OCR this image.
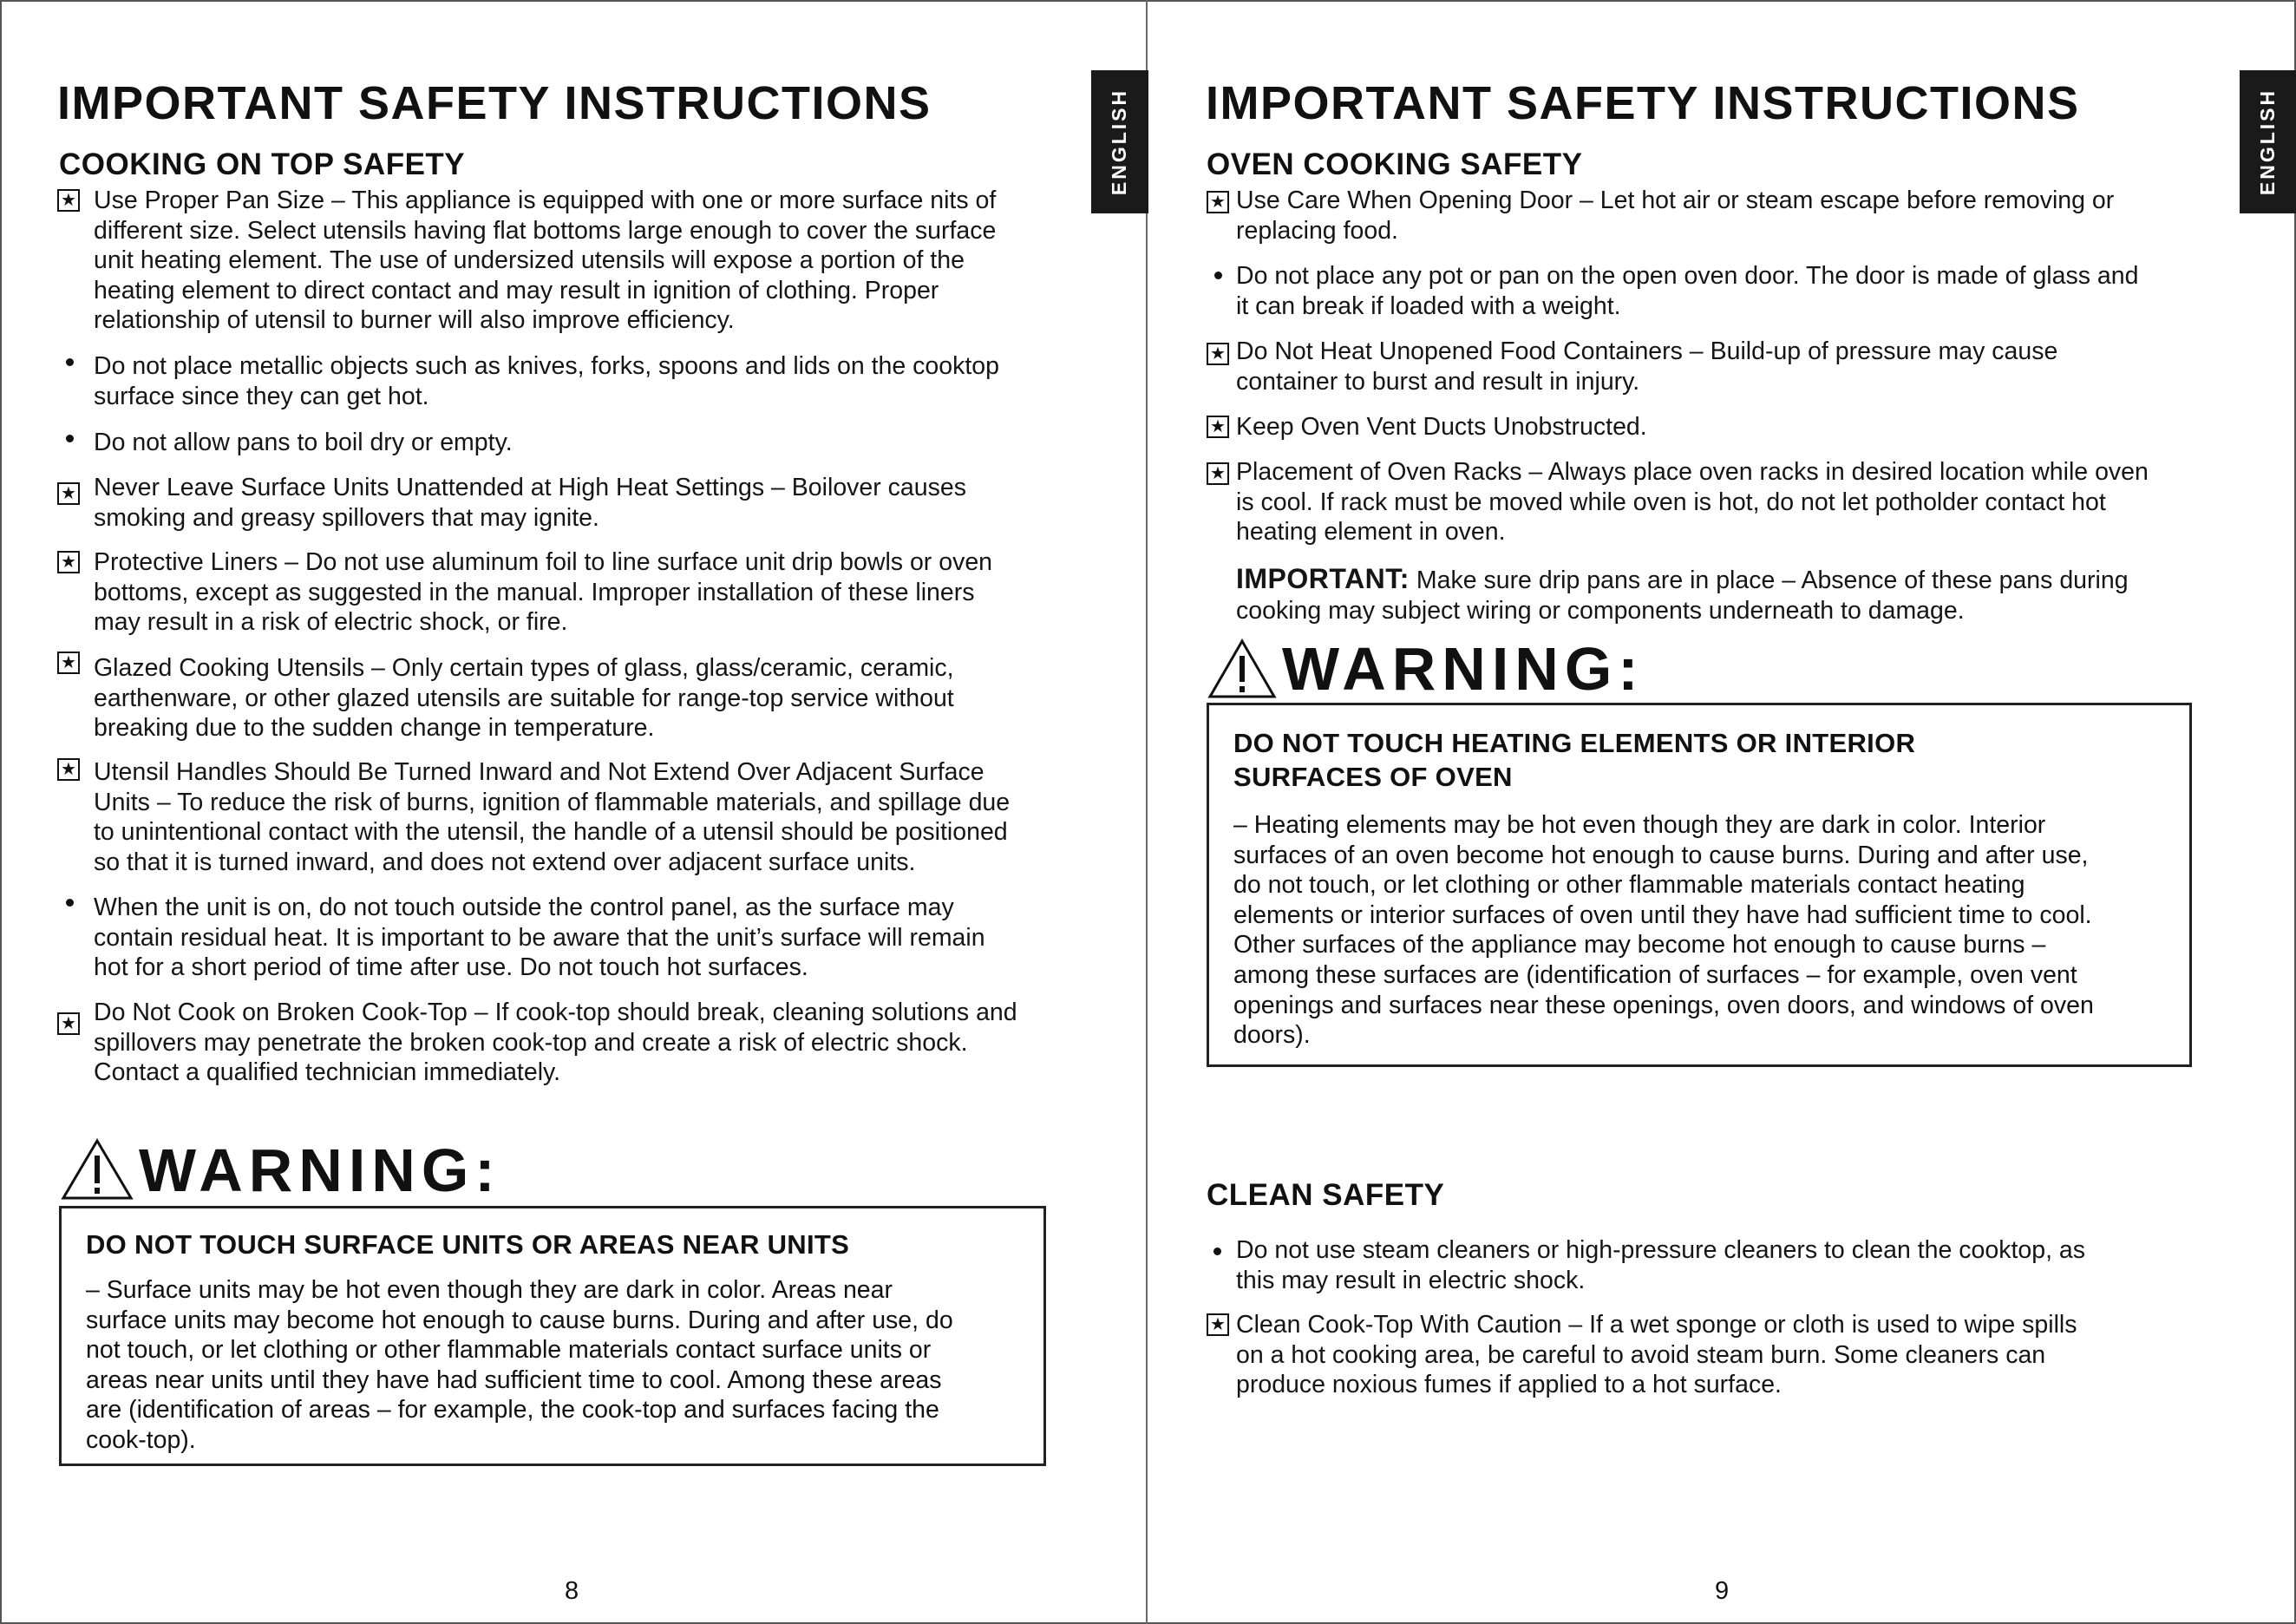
ENGLISH
IMPORTANT SAFETY INSTRUCTIONS
COOKING ON TOP SAFETY
★ Use Proper Pan Size – This appliance is equipped with one or more surface nits of
different size. Select utensils having flat bottoms large enough to cover the surface
unit heating element. The use of undersized utensils will expose a portion of the
heating element to direct contact and may result in ignition of clothing. Proper
relationship of utensil to burner will also improve efficiency.
Do not place metallic objects such as knives, forks, spoons and lids on the cooktop
surface since they can get hot.
Do not allow pans to boil dry or empty.
★ Never Leave Surface Units Unattended at High Heat Settings – Boilover causes
smoking and greasy spillovers that may ignite.
★ Protective Liners – Do not use aluminum foil to line surface unit drip bowls or oven
bottoms, except as suggested in the manual. Improper installation of these liners
may result in a risk of electric shock, or fire.
★ Glazed Cooking Utensils – Only certain types of glass, glass/ceramic, ceramic,
earthenware, or other glazed utensils are suitable for range-top service without
breaking due to the sudden change in temperature.
★ Utensil Handles Should Be Turned Inward and Not Extend Over Adjacent Surface
Units – To reduce the risk of burns, ignition of flammable materials, and spillage due
to unintentional contact with the utensil, the handle of a utensil should be positioned
so that it is turned inward, and does not extend over adjacent surface units.
When the unit is on, do not touch outside the control panel, as the surface may
contain residual heat. It is important to be aware that the unit’s surface will remain
hot for a short period of time after use. Do not touch hot surfaces.
★ Do Not Cook on Broken Cook-Top – If cook-top should break, cleaning solutions and
spillovers may penetrate the broken cook-top and create a risk of electric shock.
Contact a qualified technician immediately.
WARNING:
DO NOT TOUCH SURFACE UNITS OR AREAS NEAR UNITS
– Surface units may be hot even though they are dark in color. Areas near
surface units may become hot enough to cause burns. During and after use, do
not touch, or let clothing or other flammable materials contact surface units or
areas near units until they have had sufficient time to cool. Among these areas
are (identification of areas – for example, the cook-top and surfaces facing the
cook-top).
8
ENGLISH
IMPORTANT SAFETY INSTRUCTIONS
OVEN COOKING SAFETY
★ Use Care When Opening Door – Let hot air or steam escape before removing or
replacing food.
Do not place any pot or pan on the open oven door. The door is made of glass and
it can break if loaded with a weight.
★ Do Not Heat Unopened Food Containers – Build-up of pressure may cause
container to burst and result in injury.
★ Keep Oven Vent Ducts Unobstructed.
★ Placement of Oven Racks – Always place oven racks in desired location while oven
is cool. If rack must be moved while oven is hot, do not let potholder contact hot
heating element in oven.
IMPORTANT: Make sure drip pans are in place – Absence of these pans during
cooking may subject wiring or components underneath to damage.
WARNING:
DO NOT TOUCH HEATING ELEMENTS OR INTERIOR
SURFACES OF OVEN
– Heating elements may be hot even though they are dark in color. Interior
surfaces of an oven become hot enough to cause burns. During and after use,
do not touch, or let clothing or other flammable materials contact heating
elements or interior surfaces of oven until they have had sufficient time to cool.
Other surfaces of the appliance may become hot enough to cause burns –
among these surfaces are (identification of surfaces – for example, oven vent
openings and surfaces near these openings, oven doors, and windows of oven
doors).
CLEAN SAFETY
Do not use steam cleaners or high-pressure cleaners to clean the cooktop, as
this may result in electric shock.
★ Clean Cook-Top With Caution – If a wet sponge or cloth is used to wipe spills
on a hot cooking area, be careful to avoid steam burn. Some cleaners can
produce noxious fumes if applied to a hot surface.
9
